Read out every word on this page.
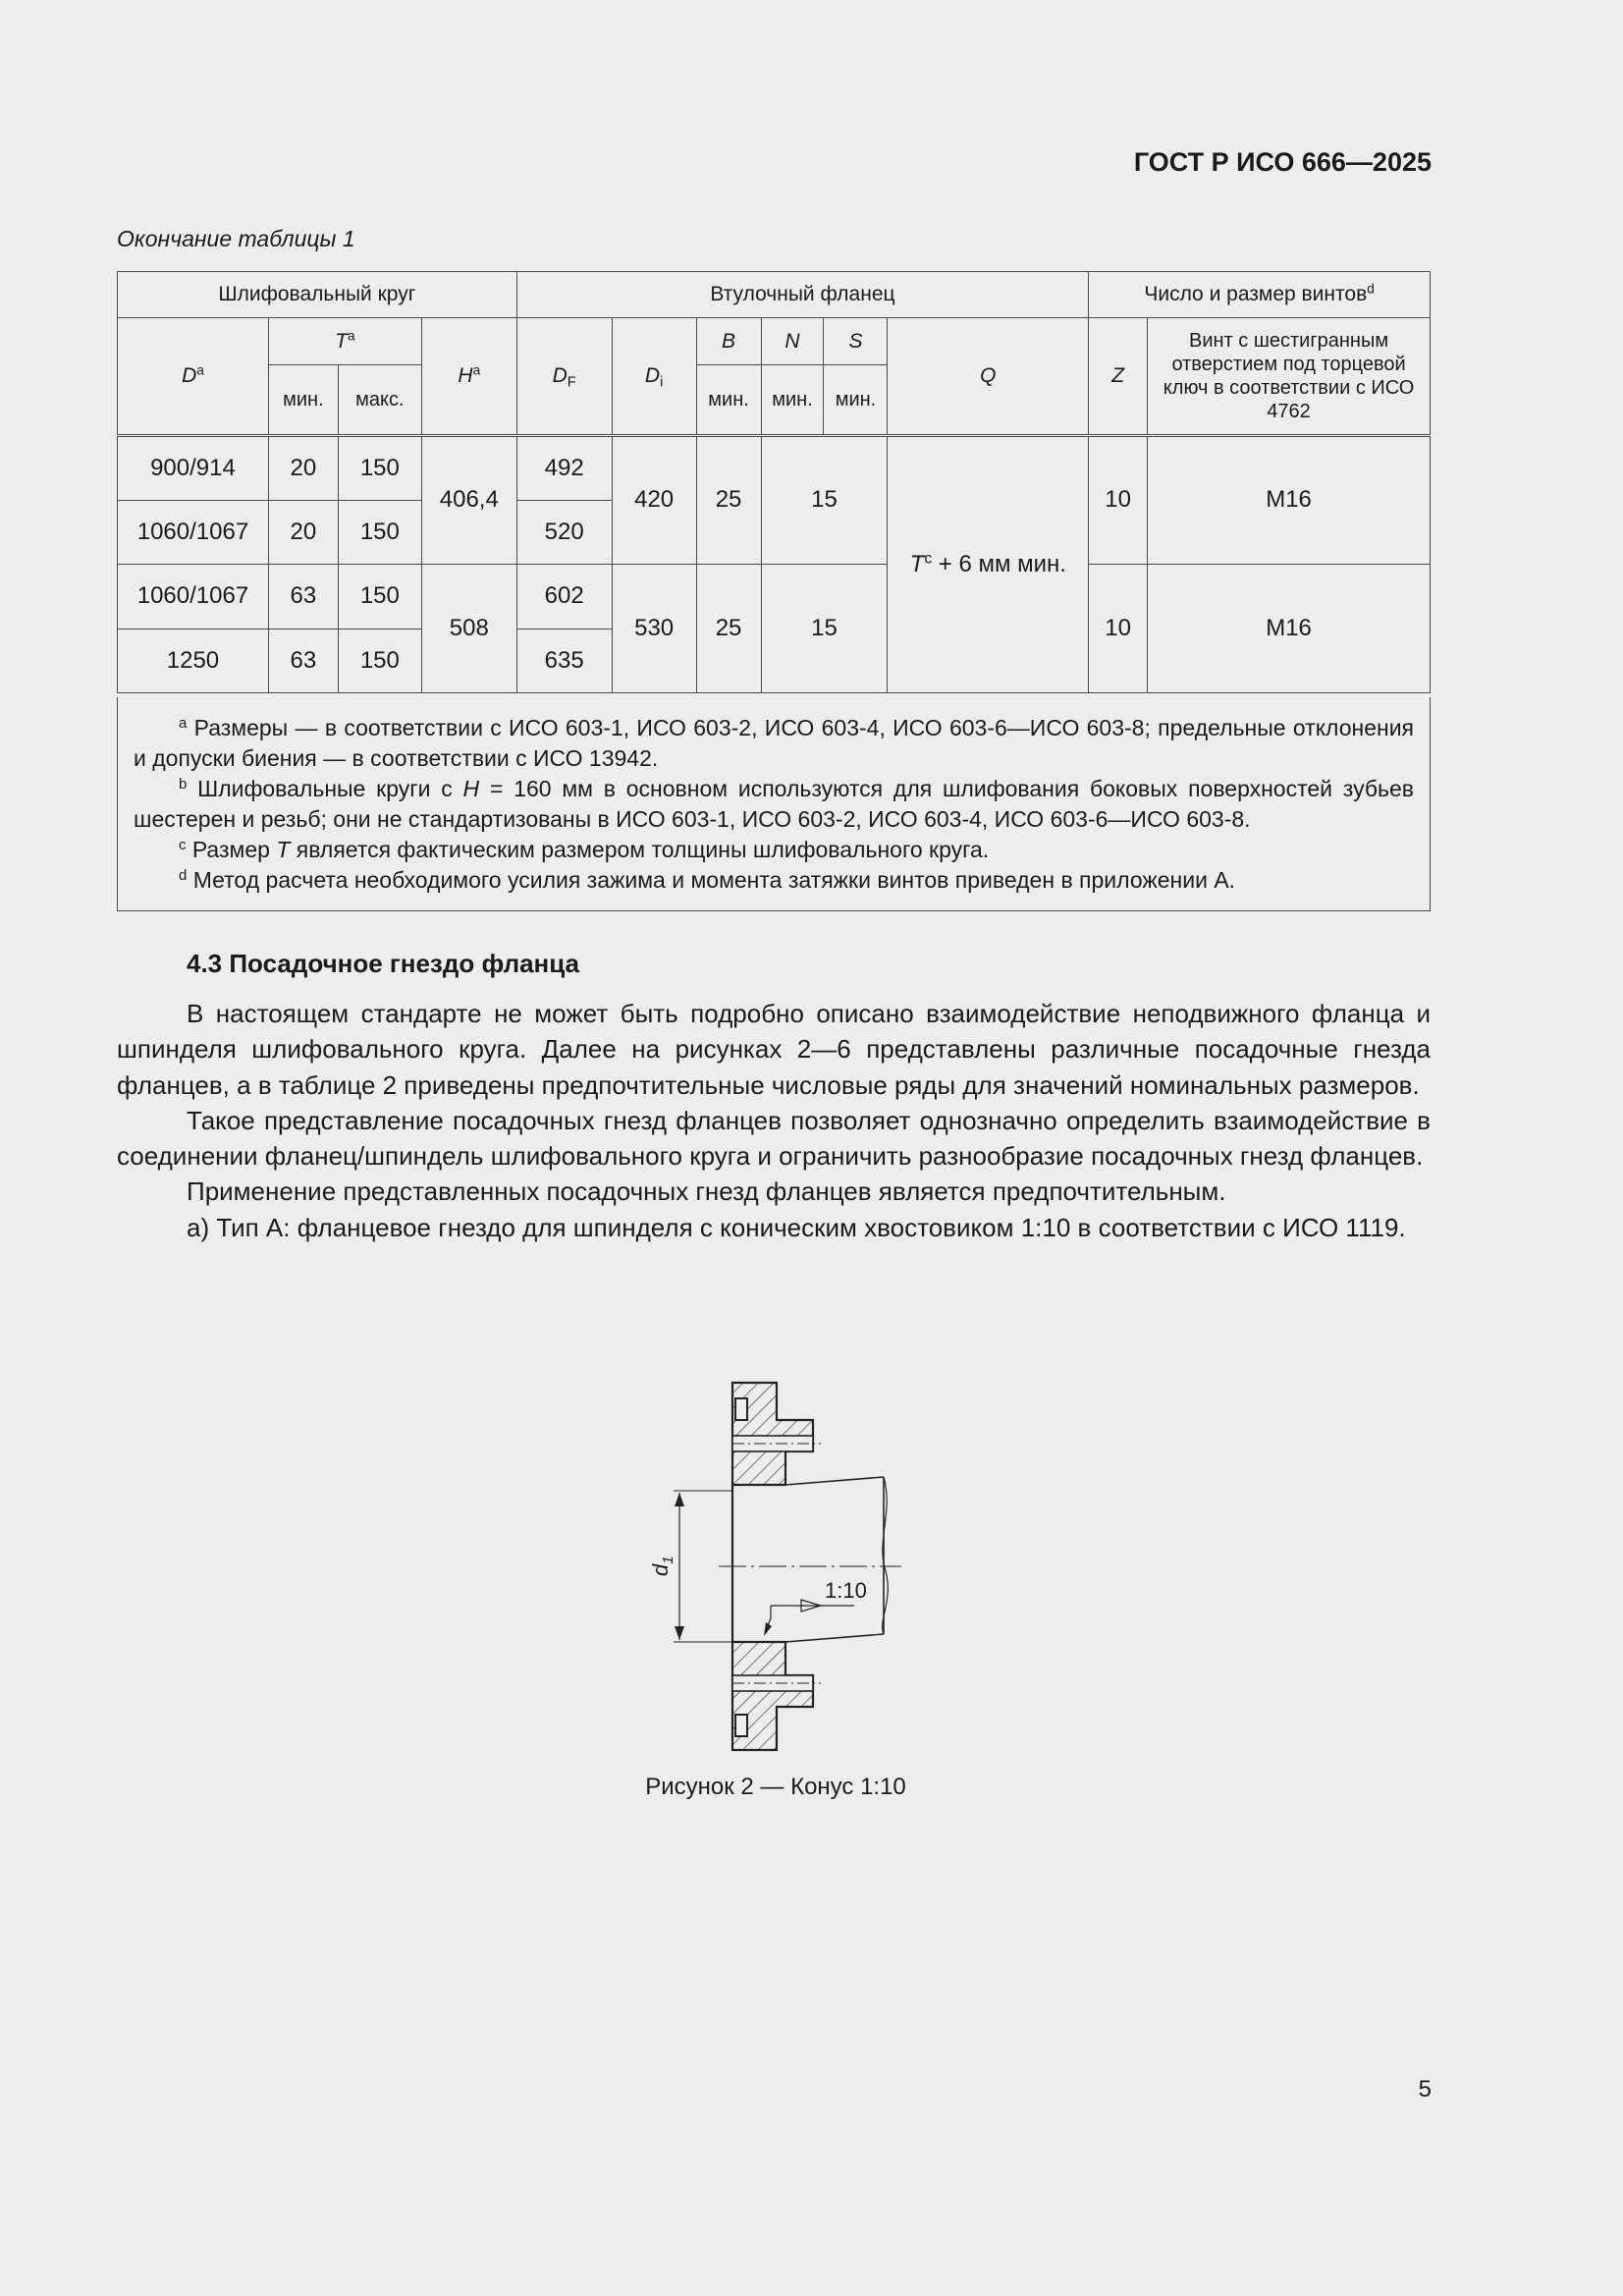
ГОСТ Р ИСО 666—2025
Окончание таблицы 1
Шлифовальный круг				Втулочный фланец						Число и размер винтов$^d$
$D^a$	$T^a$		$H^a$	$D_F$	$D_i$	B	N	S	Q	Z	Винт с шестигранным отверстием под торцевой ключ в соответствии с ИСО 4762
	мин.	макс.				мин.	мин.	мин.			
900/914	20	150	406,4	492	420	25	15		$T^c + 6$ мм мин.	10	M16
1060/1067	20	150		520							
1060/1067	63	150	508	602	530	25	15			10	M16
1250	63	150		635							

$^a$ Размеры — в соответствии с ИСО 603-1, ИСО 603-2, ИСО 603-4, ИСО 603-6—ИСО 603-8; предельные отклонения и допуски биения — в соответствии с ИСО 13942.

$^b$ Шлифовальные круги с H = 160 мм в основном используются для шлифования боковых поверхностей зубьев шестерен и резьб; они не стандартизованы в ИСО 603-1, ИСО 603-2, ИСО 603-4, ИСО 603-6—ИСО 603-8.

$^c$ Размер T является фактическим размером толщины шлифовального круга.

$^d$ Метод расчета необходимого усилия зажима и момента затяжки винтов приведен в приложении А.

4.3 Посадочное гнездо фланца

В настоящем стандарте не может быть подробно описано взаимодействие неподвижного фланца и шпинделя шлифовального круга. Далее на рисунках 2—6 представлены различные посадочные гнезда фланцев, а в таблице 2 приведены предпочтительные числовые ряды для значений номинальных размеров.

Такое представление посадочных гнезд фланцев позволяет однозначно определить взаимодействие в соединении фланец/шпиндель шлифовального круга и ограничить разнообразие посадочных гнезд фланцев.

Применение представленных посадочных гнезд фланцев является предпочтительным.

а) Тип А: фланцевое гнездо для шпинделя с коническим хвостовиком 1:10 в соответствии с ИСО 1119.

$d_1$
1:10
Рисунок 2 — Конус 1:10
5
